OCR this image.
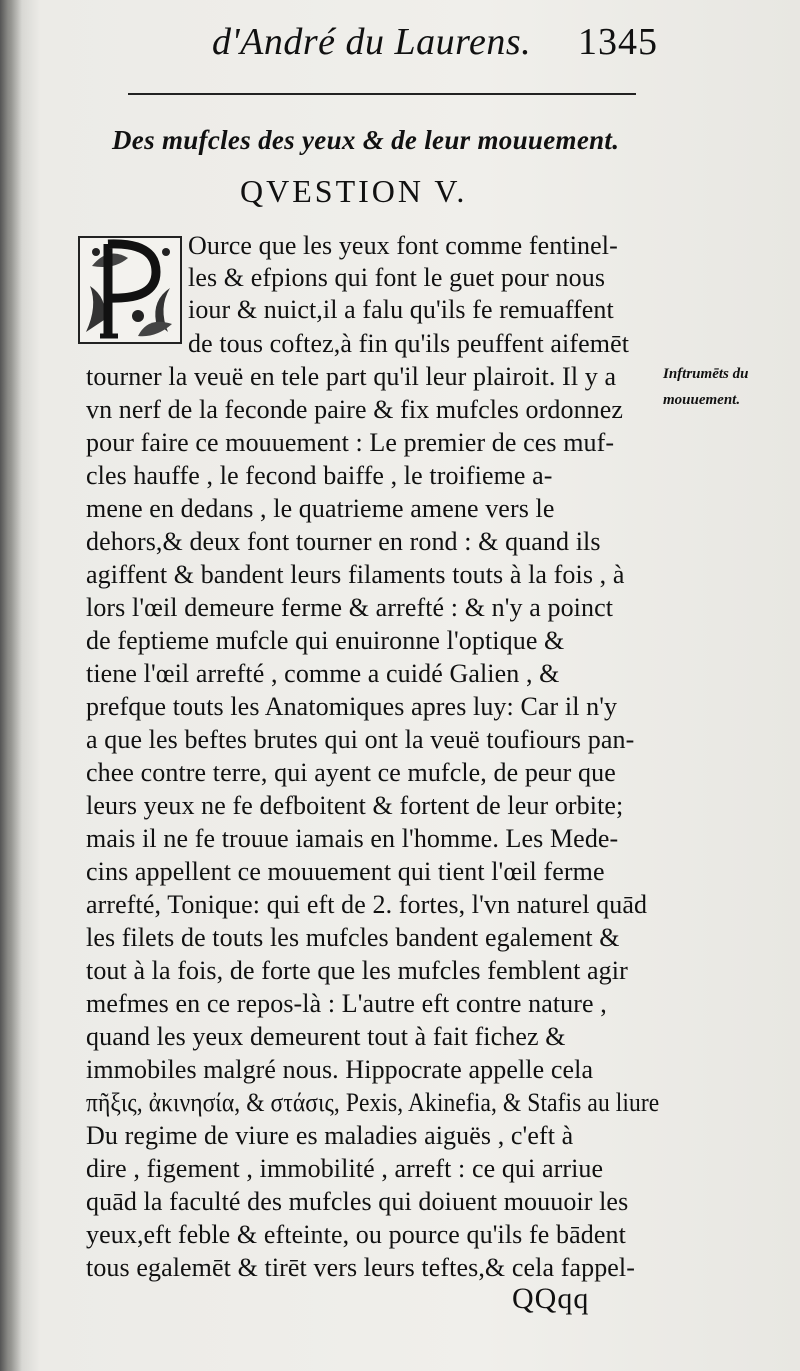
d'André du Laurens. 1345
Des mufcles des yeux & de leur mouuement.
QVESTION V.
Ource que les yeux font comme fentinel-
les & efpions qui font le guet pour nous
iour & nuict,il a falu qu'ils fe remuaffent
de tous coftez,à fin qu'ils peuffent aifemēt
tourner la veuë en tele part qu'il leur plairoit. Il y a
vn nerf de la feconde paire & fix mufcles ordonnez
pour faire ce mouuement : Le premier de ces muf-
cles hauffe , le fecond baiffe , le troifieme a-
mene en dedans , le quatrieme amene vers le
dehors,& deux font tourner en rond : & quand ils
agiffent & bandent leurs filaments touts à la fois , à
lors l'œil demeure ferme & arrefté : & n'y a poinct
de feptieme mufcle qui enuironne l'optique &
tiene l'œil arrefté , comme a cuidé Galien , &
prefque touts les Anatomiques apres luy: Car il n'y
a que les beftes brutes qui ont la veuë toufiours pan-
chee contre terre, qui ayent ce mufcle, de peur que
leurs yeux ne fe defboitent & fortent de leur orbite;
mais il ne fe trouue iamais en l'homme. Les Mede-
cins appellent ce mouuement qui tient l'œil ferme
arrefté, Tonique: qui eft de 2. fortes, l'vn naturel quād
les filets de touts les mufcles bandent egalement &
tout à la fois, de forte que les mufcles femblent agir
mefmes en ce repos-là : L'autre eft contre nature ,
quand les yeux demeurent tout à fait fichez &
immobiles malgré nous. Hippocrate appelle cela
πῆξις, ἀκινησία, & στάσις, Pexis, Akinefia, & Stafis au liure
Du regime de viure es maladies aiguës , c'eft à
dire , figement , immobilité , arreft : ce qui arriue
quād la faculté des mufcles qui doiuent mouuoir les
yeux,eft feble & efteinte, ou pource qu'ils fe bādent
tous egalemēt & tirēt vers leurs teftes,& cela fappel-
Inftrumēts du
mouuement.
QQqq
